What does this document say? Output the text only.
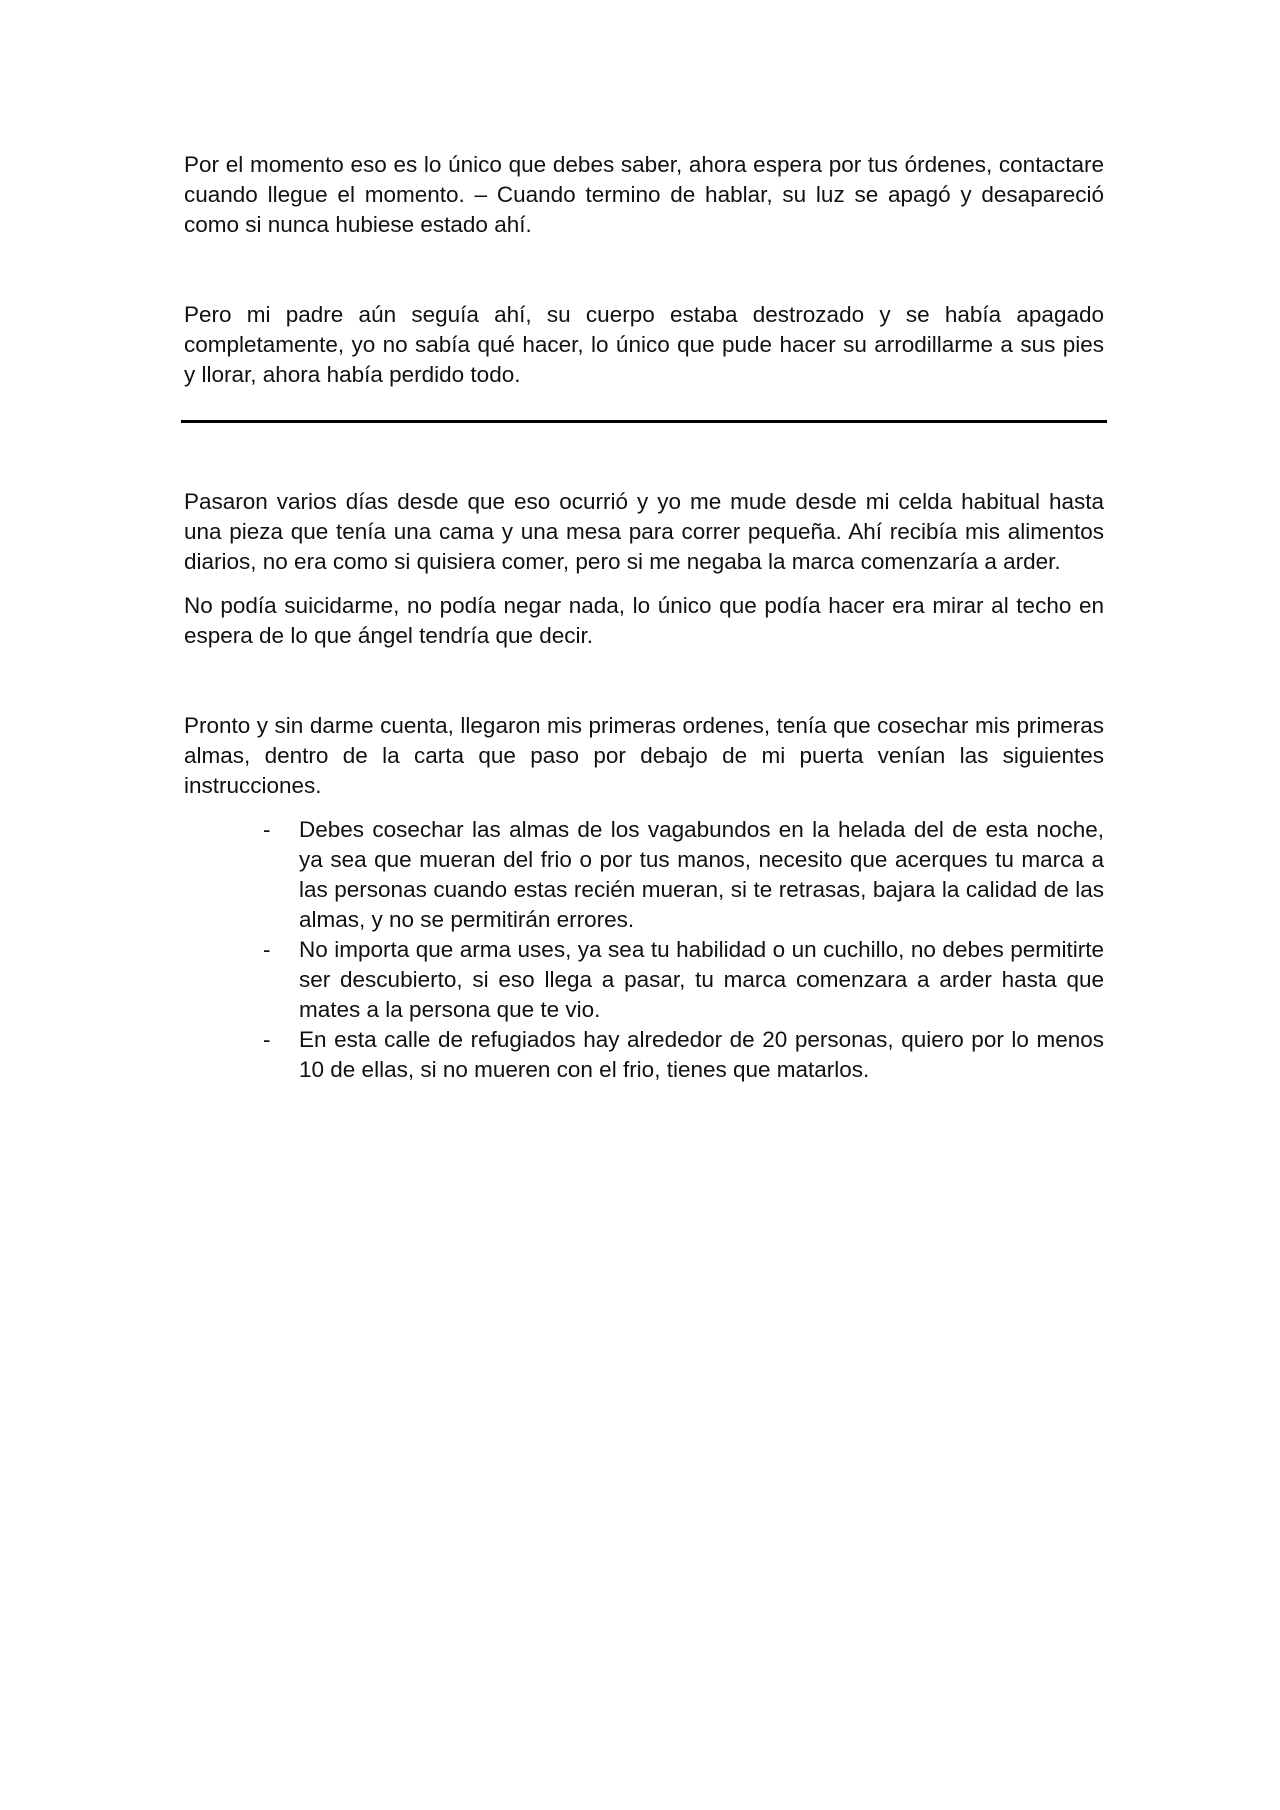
Por el momento eso es lo único que debes saber, ahora espera por tus órdenes, contactare cuando llegue el momento. – Cuando termino de hablar, su luz se apagó y desapareció como si nunca hubiese estado ahí.

Pero mi padre aún seguía ahí, su cuerpo estaba destrozado y se había apagado completamente, yo no sabía qué hacer, lo único que pude hacer su arrodillarme a sus pies y llorar, ahora había perdido todo.

Pasaron varios días desde que eso ocurrió y yo me mude desde mi celda habitual hasta una pieza que tenía una cama y una mesa para correr pequeña. Ahí recibía mis alimentos diarios, no era como si quisiera comer, pero si me negaba la marca comenzaría a arder.

No podía suicidarme, no podía negar nada, lo único que podía hacer era mirar al techo en espera de lo que ángel tendría que decir.

Pronto y sin darme cuenta, llegaron mis primeras ordenes, tenía que cosechar mis primeras almas, dentro de la carta que paso por debajo de mi puerta venían las siguientes instrucciones.

- Debes cosechar las almas de los vagabundos en la helada del de esta noche, ya sea que mueran del frio o por tus manos, necesito que acerques tu marca a las personas cuando estas recién mueran, si te retrasas, bajara la calidad de las almas, y no se permitirán errores.
- No importa que arma uses, ya sea tu habilidad o un cuchillo, no debes permitirte ser descubierto, si eso llega a pasar, tu marca comenzara a arder hasta que mates a la persona que te vio.
- En esta calle de refugiados hay alrededor de 20 personas, quiero por lo menos 10 de ellas, si no mueren con el frio, tienes que matarlos.
